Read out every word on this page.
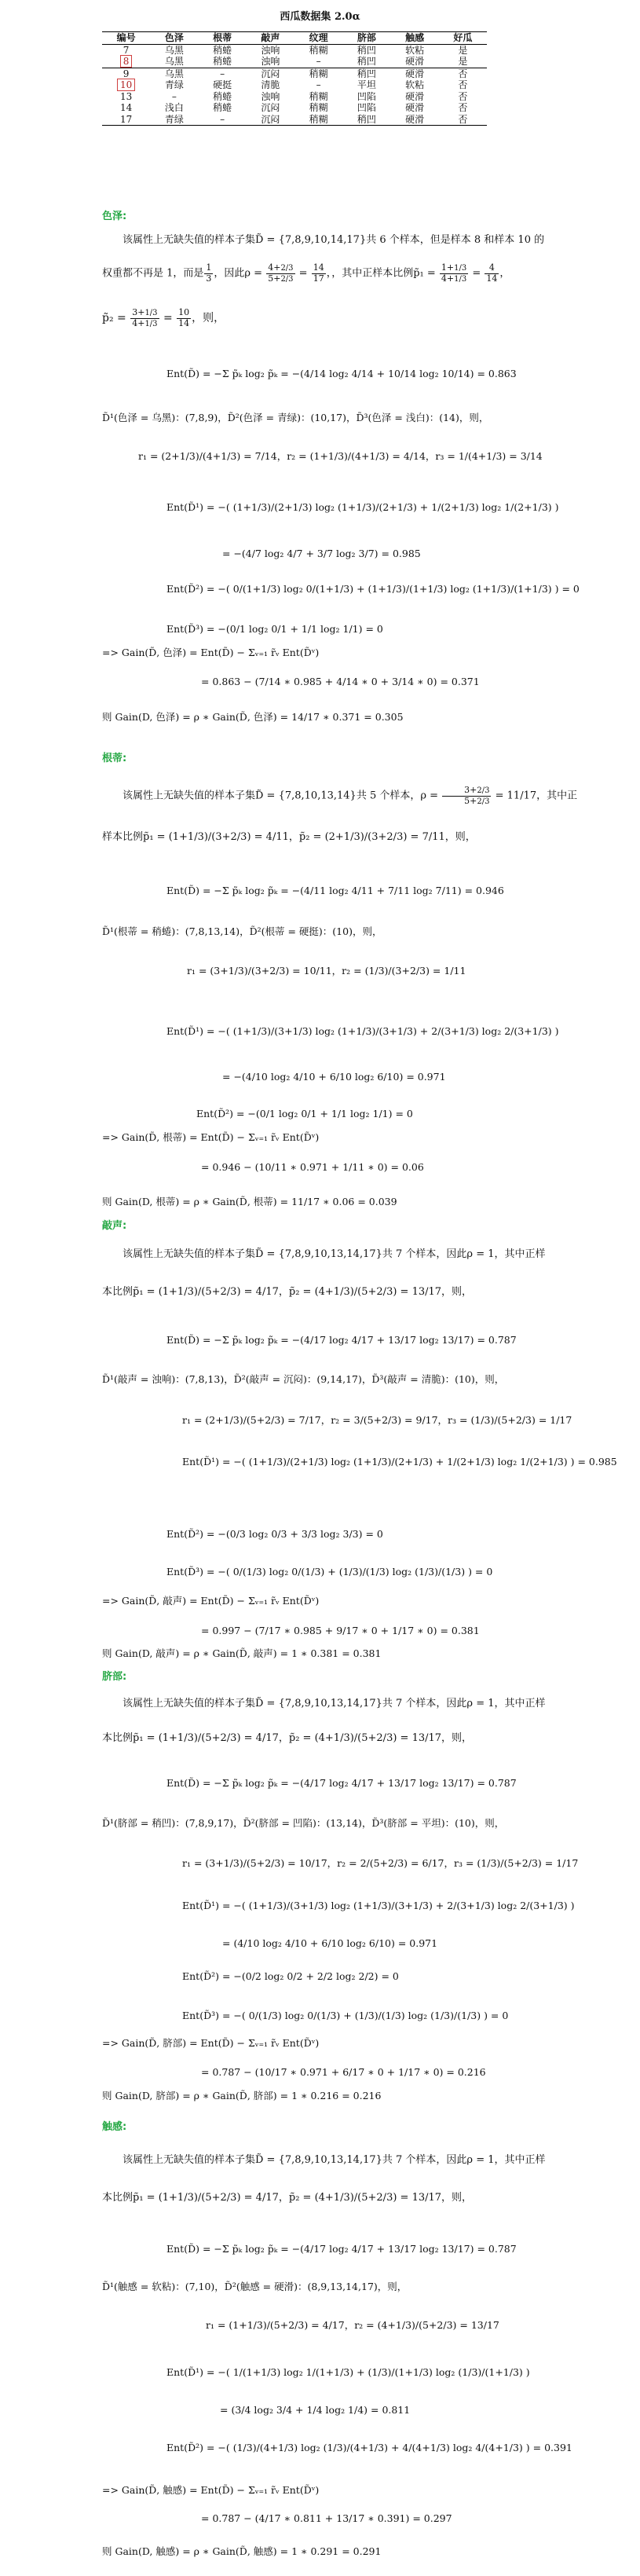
西瓜数据集 2.0α
编号	色泽	根蒂	敲声	纹理	脐部	触感	好瓜
7	乌黑	稍蜷	浊响	稍糊	稍凹	软粘	是
8	乌黑	稍蜷	浊响	–	稍凹	硬滑	是
9	乌黑	–	沉闷	稍糊	稍凹	硬滑	否
10	青绿	硬挺	清脆	–	平坦	软粘	否
13	–	稍蜷	浊响	稍糊	凹陷	硬滑	否
14	浅白	稍蜷	沉闷	稍糊	凹陷	硬滑	否
17	青绿	–	沉闷	稍糊	稍凹	硬滑	否
色泽:
该属性上无缺失值的样本子集D̃ = {7,8,9,10,14,17}共 6 个样本，但是样本 8 和样本 10 的
权重都不再是 1，而是 $\frac{1}{3}$ ，因此$\rho = \frac{4+2/3}{5+2/3} = \frac{14}{17}$ ，，其中正样本比例p̃₁ = $\frac{1+1/3}{4+1/3} = \frac{4}{14}$ ，
p̃₂ = $\frac{3+1/3}{4+1/3} = \frac{10}{14}$ ，则，
Ent(D̃) = −Σ p̃ₖ log₂ p̃ₖ = −(4/14 log₂ 4/14 + 10/14 log₂ 10/14) = 0.863
D̃¹(色泽 = 乌黑)：(7,8,9)，D̃²(色泽 = 青绿)：(10,17)，D̃³(色泽 = 浅白)：(14)，则，
r₁ = (2+1/3)/(4+1/3) = 7/14，r₂ = (1+1/3)/(4+1/3) = 4/14，r₃ = 1/(4+1/3) = 3/14
Ent(D̃¹) = −( (1+1/3)/(2+1/3) log₂ (1+1/3)/(2+1/3) + 1/(2+1/3) log₂ 1/(2+1/3) )
= −(4/7 log₂ 4/7 + 3/7 log₂ 3/7) = 0.985
Ent(D̃²) = −( 0/(1+1/3) log₂ 0/(1+1/3) + (1+1/3)/(1+1/3) log₂ (1+1/3)/(1+1/3) ) = 0
Ent(D̃³) = −(0/1 log₂ 0/1 + 1/1 log₂ 1/1) = 0
=> Gain(D̃, 色泽) = Ent(D̃) − Σᵥ₌₁ r̃ᵥ Ent(D̃ᵛ)
= 0.863 − (7/14 ∗ 0.985 + 4/14 ∗ 0 + 3/14 ∗ 0) = 0.371
则 Gain(D, 色泽) = ρ ∗ Gain(D̃, 色泽) = 14/17 ∗ 0.371 = 0.305
根蒂:
该属性上无缺失值的样本子集D̃ = {7,8,10,13,14}共 5 个样本，$\rho = \frac{3+2/3}{5+2/3} = 11/17$，其中正
样本比例p̃₁ = (1+1/3)/(3+2/3) = 4/11，p̃₂ = (2+1/3)/(3+2/3) = 7/11，则，
Ent(D̃) = −Σ p̃ₖ log₂ p̃ₖ = −(4/11 log₂ 4/11 + 7/11 log₂ 7/11) = 0.946
D̃¹(根蒂 = 稍蜷)：(7,8,13,14)，D̃²(根蒂 = 硬挺)：(10)，则，
r₁ = (3+1/3)/(3+2/3) = 10/11，r₂ = (1/3)/(3+2/3) = 1/11
Ent(D̃¹) = −( (1+1/3)/(3+1/3) log₂ (1+1/3)/(3+1/3) + 2/(3+1/3) log₂ 2/(3+1/3) )
= −(4/10 log₂ 4/10 + 6/10 log₂ 6/10) = 0.971
Ent(D̃²) = −(0/1 log₂ 0/1 + 1/1 log₂ 1/1) = 0
=> Gain(D̃, 根蒂) = Ent(D̃) − Σᵥ₌₁ r̃ᵥ Ent(D̃ᵛ)
= 0.946 − (10/11 ∗ 0.971 + 1/11 ∗ 0) = 0.06
则 Gain(D, 根蒂) = ρ ∗ Gain(D̃, 根蒂) = 11/17 ∗ 0.06 = 0.039
敲声:
该属性上无缺失值的样本子集D̃ = {7,8,9,10,13,14,17}共 7 个样本，因此ρ = 1，其中正样
本比例p̃₁ = (1+1/3)/(5+2/3) = 4/17，p̃₂ = (4+1/3)/(5+2/3) = 13/17，则，
Ent(D̃) = −Σ p̃ₖ log₂ p̃ₖ = −(4/17 log₂ 4/17 + 13/17 log₂ 13/17) = 0.787
D̃¹(敲声 = 浊响)：(7,8,13)，D̃²(敲声 = 沉闷)：(9,14,17)，D̃³(敲声 = 清脆)：(10)，则，
r₁ = (2+1/3)/(5+2/3) = 7/17，r₂ = 3/(5+2/3) = 9/17，r₃ = (1/3)/(5+2/3) = 1/17
Ent(D̃¹) = −( (1+1/3)/(2+1/3) log₂ (1+1/3)/(2+1/3) + 1/(2+1/3) log₂ 1/(2+1/3) ) = 0.985
Ent(D̃²) = −(0/3 log₂ 0/3 + 3/3 log₂ 3/3) = 0
Ent(D̃³) = −( 0/(1/3) log₂ 0/(1/3) + (1/3)/(1/3) log₂ (1/3)/(1/3) ) = 0
=> Gain(D̃, 敲声) = Ent(D̃) − Σᵥ₌₁ r̃ᵥ Ent(D̃ᵛ)
= 0.997 − (7/17 ∗ 0.985 + 9/17 ∗ 0 + 1/17 ∗ 0) = 0.381
则 Gain(D, 敲声) = ρ ∗ Gain(D̃, 敲声) = 1 ∗ 0.381 = 0.381
脐部:
该属性上无缺失值的样本子集D̃ = {7,8,9,10,13,14,17}共 7 个样本，因此ρ = 1，其中正样
本比例p̃₁ = (1+1/3)/(5+2/3) = 4/17，p̃₂ = (4+1/3)/(5+2/3) = 13/17，则，
Ent(D̃) = −Σ p̃ₖ log₂ p̃ₖ = −(4/17 log₂ 4/17 + 13/17 log₂ 13/17) = 0.787
D̃¹(脐部 = 稍凹)：(7,8,9,17)，D̃²(脐部 = 凹陷)：(13,14)，D̃³(脐部 = 平坦)：(10)，则，
r₁ = (3+1/3)/(5+2/3) = 10/17，r₂ = 2/(5+2/3) = 6/17，r₃ = (1/3)/(5+2/3) = 1/17
Ent(D̃¹) = −( (1+1/3)/(3+1/3) log₂ (1+1/3)/(3+1/3) + 2/(3+1/3) log₂ 2/(3+1/3) )
= (4/10 log₂ 4/10 + 6/10 log₂ 6/10) = 0.971
Ent(D̃²) = −(0/2 log₂ 0/2 + 2/2 log₂ 2/2) = 0
Ent(D̃³) = −( 0/(1/3) log₂ 0/(1/3) + (1/3)/(1/3) log₂ (1/3)/(1/3) ) = 0
=> Gain(D̃, 脐部) = Ent(D̃) − Σᵥ₌₁ r̃ᵥ Ent(D̃ᵛ)
= 0.787 − (10/17 ∗ 0.971 + 6/17 ∗ 0 + 1/17 ∗ 0) = 0.216
则 Gain(D, 脐部) = ρ ∗ Gain(D̃, 脐部) = 1 ∗ 0.216 = 0.216
触感:
该属性上无缺失值的样本子集D̃ = {7,8,9,10,13,14,17}共 7 个样本，因此ρ = 1，其中正样
本比例p̃₁ = (1+1/3)/(5+2/3) = 4/17，p̃₂ = (4+1/3)/(5+2/3) = 13/17，则，
Ent(D̃) = −Σ p̃ₖ log₂ p̃ₖ = −(4/17 log₂ 4/17 + 13/17 log₂ 13/17) = 0.787
D̃¹(触感 = 软粘)：(7,10)，D̃²(触感 = 硬滑)：(8,9,13,14,17)，则，
r₁ = (1+1/3)/(5+2/3) = 4/17，r₂ = (4+1/3)/(5+2/3) = 13/17
Ent(D̃¹) = −( 1/(1+1/3) log₂ 1/(1+1/3) + (1/3)/(1+1/3) log₂ (1/3)/(1+1/3) )
= (3/4 log₂ 3/4 + 1/4 log₂ 1/4) = 0.811
Ent(D̃²) = −( (1/3)/(4+1/3) log₂ (1/3)/(4+1/3) + 4/(4+1/3) log₂ 4/(4+1/3) ) = 0.391
=> Gain(D̃, 触感) = Ent(D̃) − Σᵥ₌₁ r̃ᵥ Ent(D̃ᵛ)
= 0.787 − (4/17 ∗ 0.811 + 13/17 ∗ 0.391) = 0.297
则 Gain(D, 触感) = ρ ∗ Gain(D̃, 触感) = 1 ∗ 0.291 = 0.291
